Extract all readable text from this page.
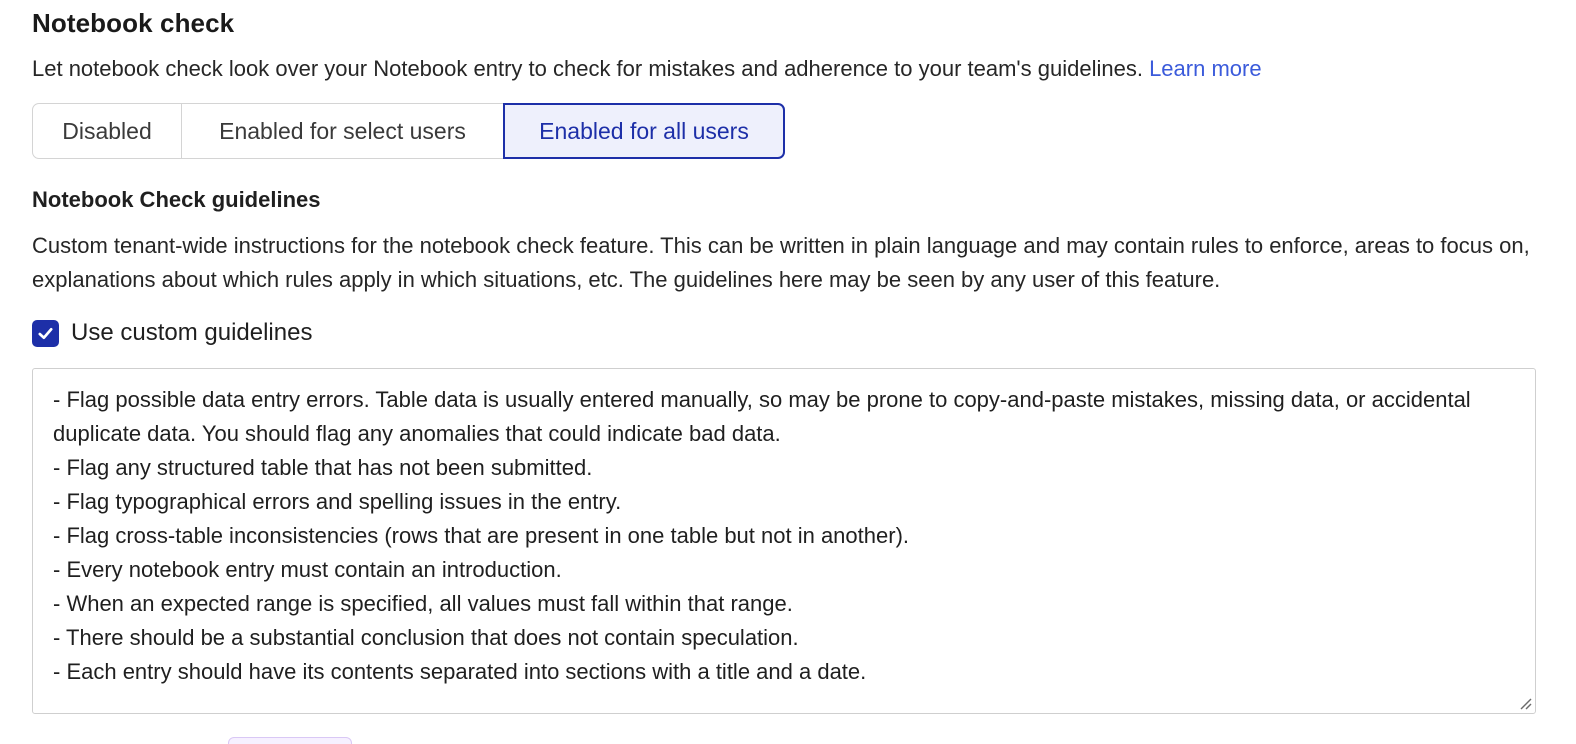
Notebook check
Let notebook check look over your Notebook entry to check for mistakes and adherence to your team's guidelines. Learn more
Disabled	Enabled for select users	Enabled for all users
Notebook Check guidelines
Custom tenant-wide instructions for the notebook check feature. This can be written in plain language and may contain rules to enforce, areas to focus on, explanations about which rules apply in which situations, etc. The guidelines here may be seen by any user of this feature.
Use custom guidelines
- Flag possible data entry errors. Table data is usually entered manually, so may be prone to copy-and-paste mistakes, missing data, or accidental duplicate data. You should flag any anomalies that could indicate bad data.
- Flag any structured table that has not been submitted.
- Flag typographical errors and spelling issues in the entry.
- Flag cross-table inconsistencies (rows that are present in one table but not in another).
- Every notebook entry must contain an introduction.
- When an expected range is specified, all values must fall within that range.
- There should be a substantial conclusion that does not contain speculation.
- Each entry should have its contents separated into sections with a title and a date.
